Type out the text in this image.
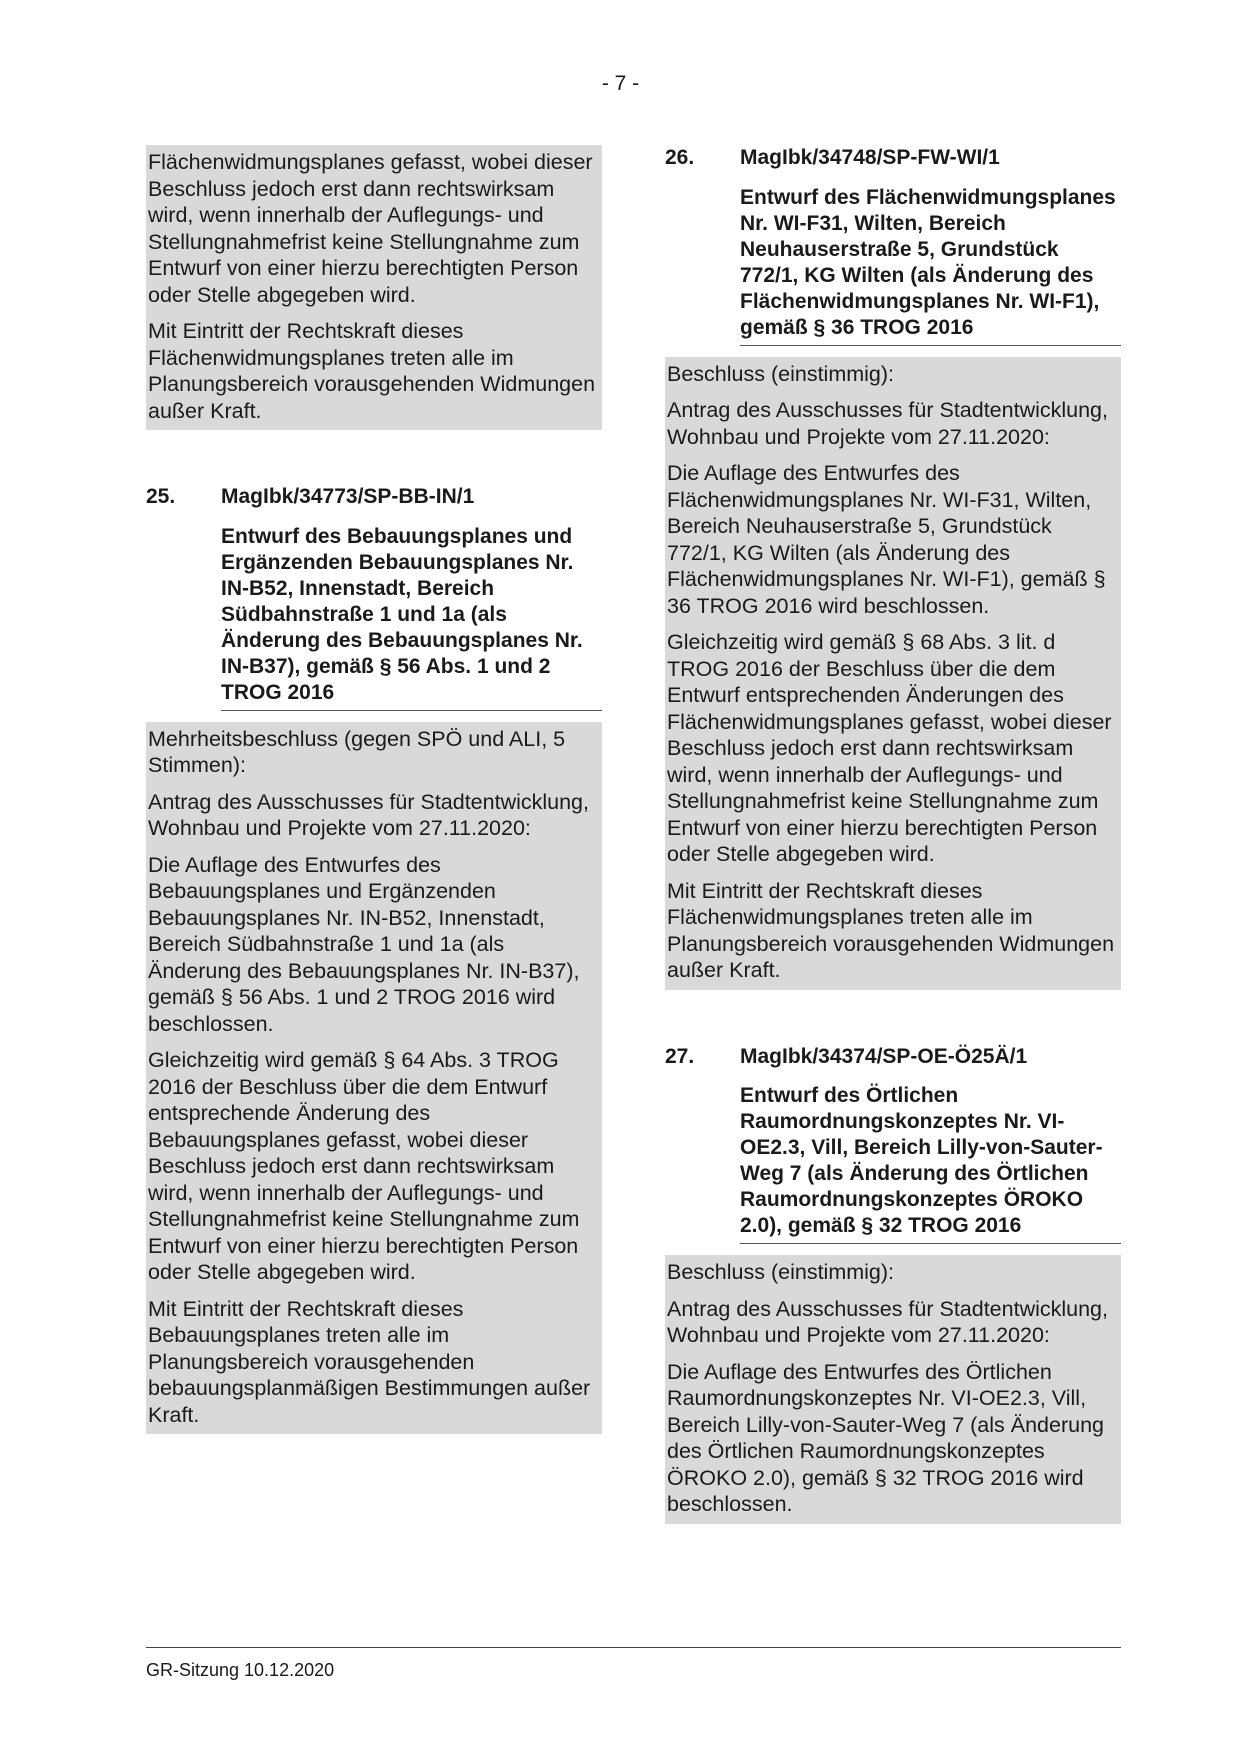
- 7 -

Flächenwidmungsplanes gefasst, wobei dieser Beschluss jedoch erst dann rechtswirksam wird, wenn innerhalb der Auflegungs- und Stellungnahmefrist keine Stellungnahme zum Entwurf von einer hierzu berechtigten Person oder Stelle abgegeben wird.

Mit Eintritt der Rechtskraft dieses Flächenwidmungsplanes treten alle im Planungsbereich vorausgehenden Widmungen außer Kraft.

25.	MagIbk/34773/SP-BB-IN/1
Entwurf des Bebauungsplanes und Ergänzenden Bebauungsplanes Nr. IN-B52, Innenstadt, Bereich Südbahnstraße 1 und 1a (als Änderung des Bebauungsplanes Nr. IN-B37), gemäß § 56 Abs. 1 und 2 TROG 2016

Mehrheitsbeschluss (gegen SPÖ und ALI, 5 Stimmen):

Antrag des Ausschusses für Stadtentwicklung, Wohnbau und Projekte vom 27.11.2020:

Die Auflage des Entwurfes des Bebauungsplanes und Ergänzenden Bebauungsplanes Nr. IN-B52, Innenstadt, Bereich Südbahnstraße 1 und 1a (als Änderung des Bebauungsplanes Nr. IN-B37), gemäß § 56 Abs. 1 und 2 TROG 2016 wird beschlossen.

Gleichzeitig wird gemäß § 64 Abs. 3 TROG 2016 der Beschluss über die dem Entwurf entsprechende Änderung des Bebauungsplanes gefasst, wobei dieser Beschluss jedoch erst dann rechtswirksam wird, wenn innerhalb der Auflegungs- und Stellungnahmefrist keine Stellungnahme zum Entwurf von einer hierzu berechtigten Person oder Stelle abgegeben wird.

Mit Eintritt der Rechtskraft dieses Bebauungsplanes treten alle im Planungsbereich vorausgehenden bebauungsplanmäßigen Bestimmungen außer Kraft.

26.	MagIbk/34748/SP-FW-WI/1
Entwurf des Flächenwidmungsplanes Nr. WI-F31, Wilten, Bereich Neuhauserstraße 5, Grundstück 772/1, KG Wilten (als Änderung des Flächenwidmungsplanes Nr. WI-F1), gemäß § 36 TROG 2016

Beschluss (einstimmig):

Antrag des Ausschusses für Stadtentwicklung, Wohnbau und Projekte vom 27.11.2020:

Die Auflage des Entwurfes des Flächenwidmungsplanes Nr. WI-F31, Wilten, Bereich Neuhauserstraße 5, Grundstück 772/1, KG Wilten (als Änderung des Flächenwidmungsplanes Nr. WI-F1), gemäß § 36 TROG 2016 wird beschlossen.

Gleichzeitig wird gemäß § 68 Abs. 3 lit. d TROG 2016 der Beschluss über die dem Entwurf entsprechenden Änderungen des Flächenwidmungsplanes gefasst, wobei dieser Beschluss jedoch erst dann rechtswirksam wird, wenn innerhalb der Auflegungs- und Stellungnahmefrist keine Stellungnahme zum Entwurf von einer hierzu berechtigten Person oder Stelle abgegeben wird.

Mit Eintritt der Rechtskraft dieses Flächenwidmungsplanes treten alle im Planungsbereich vorausgehenden Widmungen außer Kraft.

27.	MagIbk/34374/SP-OE-Ö25Ä/1
Entwurf des Örtlichen Raumordnungskonzeptes Nr. VI-OE2.3, Vill, Bereich Lilly-von-Sauter-Weg 7 (als Änderung des Örtlichen Raumordnungskonzeptes ÖROKO 2.0), gemäß § 32 TROG 2016

Beschluss (einstimmig):

Antrag des Ausschusses für Stadtentwicklung, Wohnbau und Projekte vom 27.11.2020:

Die Auflage des Entwurfes des Örtlichen Raumordnungskonzeptes Nr. VI-OE2.3, Vill, Bereich Lilly-von-Sauter-Weg 7 (als Änderung des Örtlichen Raumordnungskonzeptes ÖROKO 2.0), gemäß § 32 TROG 2016 wird beschlossen.

GR-Sitzung 10.12.2020
